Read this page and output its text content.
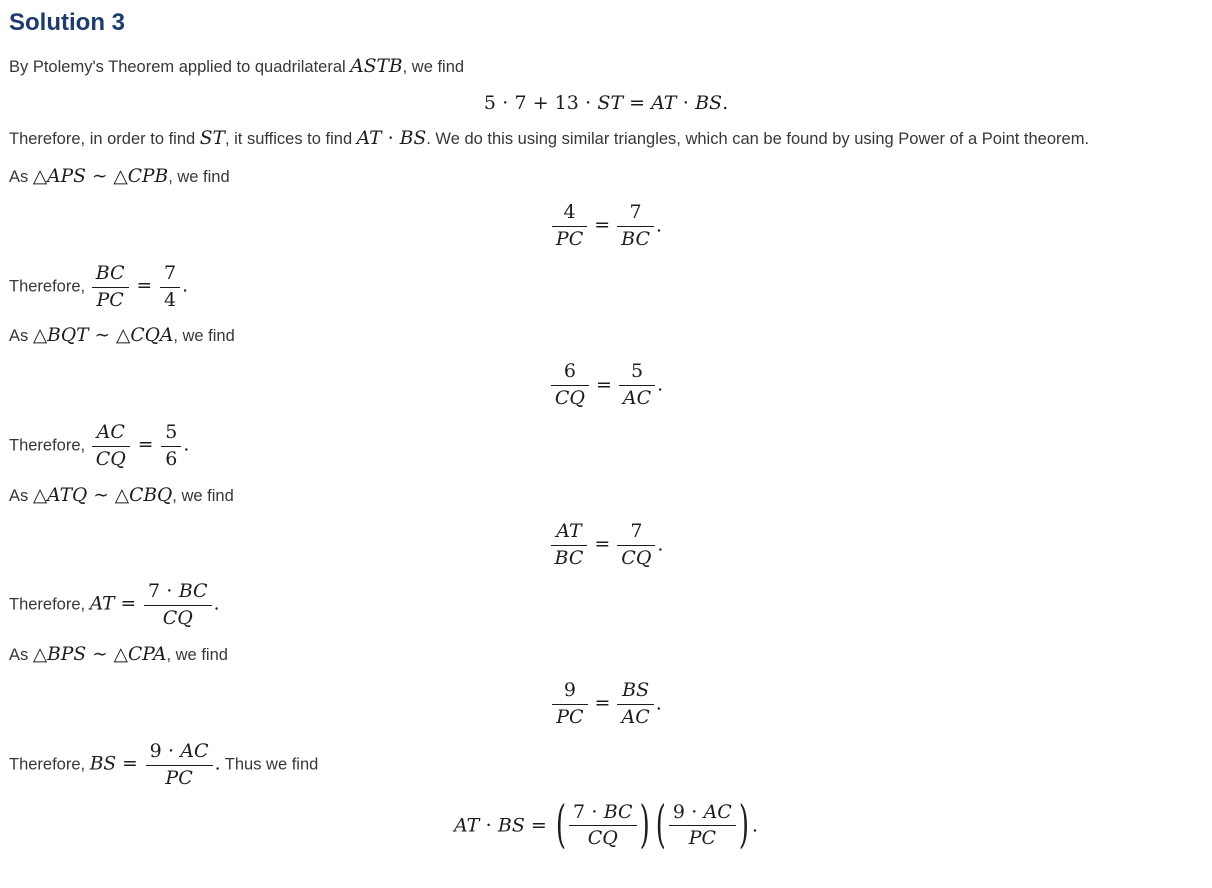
Solution 3

By Ptolemy's Theorem applied to quadrilateral ASTB, we find

5 ⋅ 7 + 13 ⋅ ST = AT ⋅ BS.

Therefore, in order to find ST, it suffices to find AT ⋅ BS. We do this using similar triangles, which can be found by using Power of a Point theorem.

As △APS ∼ △CPB, we find

$\frac{4}{PC} = \frac{7}{BC}$ .

Therefore, $\frac{BC}{PC} = \frac{7}{4}$ .

As △BQT ∼ △CQA, we find

$\frac{6}{CQ} = \frac{5}{AC}$ .

Therefore, $\frac{AC}{CQ} = \frac{5}{6}$ .

As △ATQ ∼ △CBQ, we find

$\frac{AT}{BC} = \frac{7}{CQ}$ .

Therefore, AT = $\frac{7 \cdot BC}{CQ}$ .

As △BPS ∼ △CPA, we find

$\frac{9}{PC} = \frac{BS}{AC}$ .

Therefore, BS = $\frac{9 \cdot AC}{PC}$ . Thus we find

AT ⋅ BS = ( $\frac{7 \cdot BC}{CQ}$ ) ( $\frac{9 \cdot AC}{PC}$ ) .
